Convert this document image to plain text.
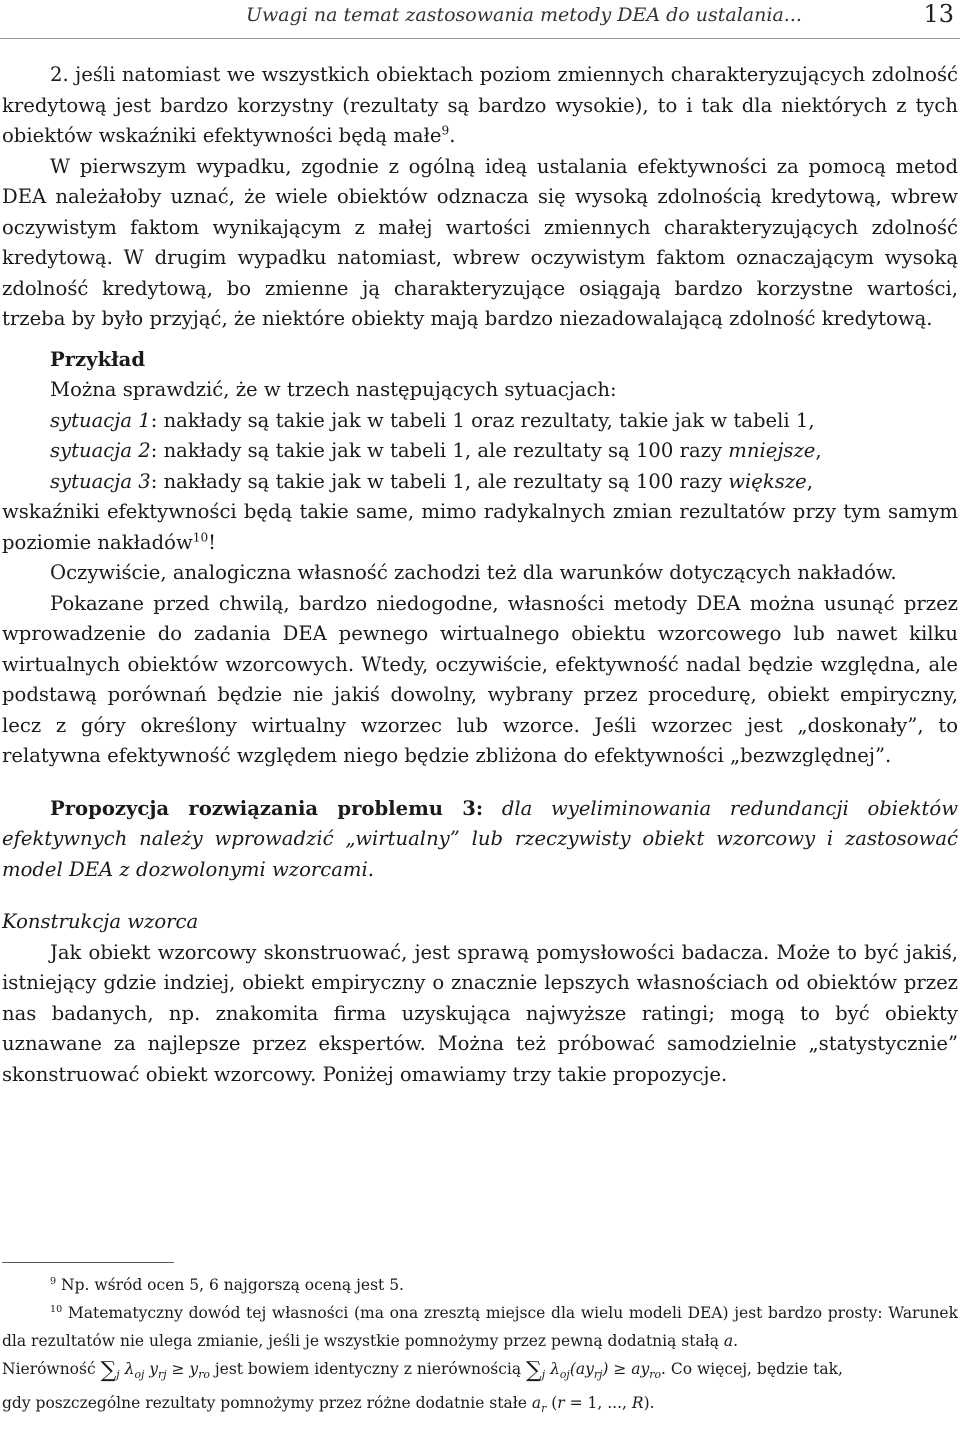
Uwagi na temat zastosowania metody DEA do ustalania...	13

2. jeśli natomiast we wszystkich obiektach poziom zmiennych charakteryzujących zdolność kredytową jest bardzo korzystny (rezultaty są bardzo wysokie), to i tak dla niektórych z tych obiektów wskaźniki efektywności będą małe$^9$.

W pierwszym wypadku, zgodnie z ogólną ideą ustalania efektywności za pomocą metod DEA należałoby uznać, że wiele obiektów odznacza się wysoką zdolnością kredytową, wbrew oczywistym faktom wynikającym z małej wartości zmiennych charakteryzujących zdolność kredytową. W drugim wypadku natomiast, wbrew oczywistym faktom oznaczającym wysoką zdolność kredytową, bo zmienne ją charakteryzujące osiągają bardzo korzystne wartości, trzeba by było przyjąć, że niektóre obiekty mają bardzo niezadowalającą zdolność kredytową.

Przykład

Można sprawdzić, że w trzech następujących sytuacjach:

sytuacja 1: nakłady są takie jak w tabeli 1 oraz rezultaty, takie jak w tabeli 1,

sytuacja 2: nakłady są takie jak w tabeli 1, ale rezultaty są 100 razy mniejsze,

sytuacja 3: nakłady są takie jak w tabeli 1, ale rezultaty są 100 razy większe,

wskaźniki efektywności będą takie same, mimo radykalnych zmian rezultatów przy tym samym poziomie nakładów$^{10}$!

Oczywiście, analogiczna własność zachodzi też dla warunków dotyczących nakładów.

Pokazane przed chwilą, bardzo niedogodne, własności metody DEA można usunąć przez wprowadzenie do zadania DEA pewnego wirtualnego obiektu wzorcowego lub nawet kilku wirtualnych obiektów wzorcowych. Wtedy, oczywiście, efektywność nadal będzie względna, ale podstawą porównań będzie nie jakiś dowolny, wybrany przez procedurę, obiekt empiryczny, lecz z góry określony wirtualny wzorzec lub wzorce. Jeśli wzorzec jest „doskonały”, to relatywna efektywność względem niego będzie zbliżona do efektywności „bezwzględnej”.

Propozycja rozwiązania problemu 3: dla wyeliminowania redundancji obiektów efektywnych należy wprowadzić „wirtualny” lub rzeczywisty obiekt wzorcowy i zastosować model DEA z dozwolonymi wzorcami.

Konstrukcja wzorca

Jak obiekt wzorcowy skonstruować, jest sprawą pomysłowości badacza. Może to być jakiś, istniejący gdzie indziej, obiekt empiryczny o znacznie lepszych własnościach od obiektów przez nas badanych, np. znakomita firma uzyskująca najwyższe ratingi; mogą to być obiekty uznawane za najlepsze przez ekspertów. Można też próbować samodzielnie „statystycznie” skonstruować obiekt wzorcowy. Poniżej omawiamy trzy takie propozycje.

$^9$ Np. wśród ocen 5, 6 najgorszą oceną jest 5.

$^{10}$ Matematyczny dowód tej własności (ma ona zresztą miejsce dla wielu modeli DEA) jest bardzo prosty: Warunek dla rezultatów nie ulega zmianie, jeśli je wszystkie pomnożymy przez pewną dodatnią stałą a.

Nierówność $\sum_j$ $\lambda_{oj}$ $y_{rj} \ge y_{ro}$ jest bowiem identyczny z nierównością $\sum_j$ $\lambda_{oj}(ay_{rj}) \ge ay_{ro}$. Co więcej, będzie tak,

gdy poszczególne rezultaty pomnożymy przez różne dodatnie stałe $a_r$ (r = 1, ..., R).
